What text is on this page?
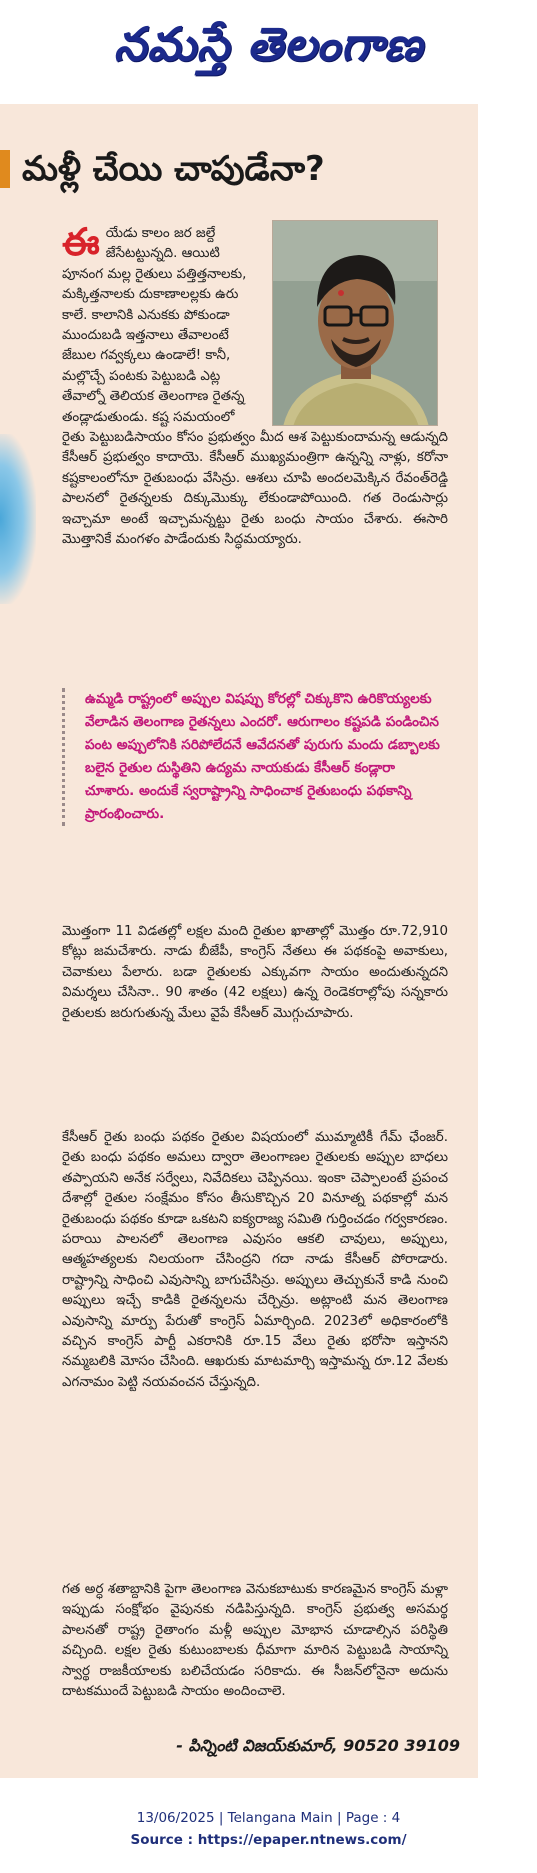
నమస్తే తెలంగాణ
మళ్లీ చేయి చాపుడేనా?
ఈ యేడు కాలం జర జల్దే
జేసేటట్టున్నది. ఆయిటి
పూనంగ మల్ల రైతులు పత్తిత్తనాలకు,
మక్కిత్తనాలకు దుకాణాలల్లకు ఉరు
కాలే. కాలానికి ఎనుకకు పోకుండా
ముందుబడి ఇత్తనాలు తేవాలంటే
జేబుల గవ్వక్కలు ఉండాలే! కానీ,
మల్లొచ్చే పంటకు పెట్టుబడి ఎట్ల
తేవాల్నో తెలియక తెలంగాణ రైతన్న
తండ్లాడుతుండు. కష్ట సమయంలో
రైతు పెట్టుబడిసాయం కోసం ప్రభుత్వం మీద ఆశ పెట్టుకుందామన్న ఆడున్నది కేసీఆర్ ప్రభుత్వం కాదాయె. కేసీఆర్ ముఖ్యమంత్రిగా ఉన్నన్ని నాళ్లు, కరోనా కష్టకాలంలోనూ రైతుబంధు వేసిన్రు. ఆశలు చూపి అందలమెక్కిన రేవంత్‌రెడ్డి పాలనలో రైతన్నలకు దిక్కుమొక్కు లేకుండాపోయింది. గత రెండుసార్లు ఇచ్చామా అంటే ఇచ్చామన్నట్టు రైతు బంధు సాయం చేశారు. ఈసారి మొత్తానికే మంగళం పాడేందుకు సిద్ధమయ్యారు.
ఉమ్మడి రాష్ట్రంలో అప్పుల విషప్పు కోరల్లో చిక్కుకొని ఉరికొయ్యలకు వేలాడిన తెలంగాణ రైతన్నలు ఎందరో. ఆరుగాలం కష్టపడి పండించిన పంట అప్పులోనికి సరిపోలేదనే ఆవేదనతో పురుగు మందు డబ్బాలకు బలైన రైతుల దుస్థితిని ఉద్యమ నాయకుడు కేసీఆర్ కండ్లారా చూశారు. అందుకే స్వరాష్ట్రాన్ని సాధించాక రైతుబంధు పథకాన్ని ప్రారంభించారు.
మొత్తంగా 11 విడతల్లో లక్షల మంది రైతుల ఖాతాల్లో మొత్తం రూ.72,910 కోట్లు జమచేశారు. నాడు బీజేపీ, కాంగ్రెస్ నేతలు ఈ పథకంపై అవాకులు, చెవాకులు పేలారు. బడా రైతులకు ఎక్కువగా సాయం అందుతున్నదని విమర్శలు చేసినా.. 90 శాతం (42 లక్షలు) ఉన్న రెండెకరాల్లోపు సన్నకారు రైతులకు జరుగుతున్న మేలు వైపే కేసీఆర్ మొగ్గుచూపారు.
కేసీఆర్ రైతు బంధు పథకం రైతుల విషయంలో ముమ్మాటికీ గేమ్ ఛేంజర్. రైతు బంధు పథకం అమలు ద్వారా తెలంగాణల రైతులకు అప్పుల బాధలు తప్పాయని అనేక సర్వేలు, నివేదికలు చెప్పినయి. ఇంకా చెప్పాలంటే ప్రపంచ దేశాల్లో రైతుల సంక్షేమం కోసం తీసుకొచ్చిన 20 వినూత్న పథకాల్లో మన రైతుబంధు పథకం కూడా ఒకటని ఐక్యరాజ్య సమితి గుర్తించడం గర్వకారణం. పరాయి పాలనలో తెలంగాణ ఎవుసం ఆకలి చావులు, అప్పులు, ఆత్మహత్యలకు నిలయంగా చేసింద్రని గదా నాడు కేసీఆర్ పోరాడారు. రాష్ట్రాన్ని సాధించి ఎవుసాన్ని బాగుచేసిన్రు. అప్పులు తెచ్చుకునే కాడి నుంచి అప్పులు ఇచ్చే కాడికి రైతన్నలను చేర్చిన్రు. అట్లాంటి మన తెలంగాణ ఎవుసాన్ని మార్పు పేరుతో కాంగ్రెస్ ఏమార్చింది. 2023లో అధికారంలోకి వచ్చిన కాంగ్రెస్ పార్టీ ఎకరానికి రూ.15 వేలు రైతు భరోసా ఇస్తానని నమ్మబలికి మోసం చేసింది. ఆఖరుకు మాటమార్చి ఇస్తామన్న రూ.12 వేలకు ఎగనామం పెట్టి నయవంచన చేస్తున్నది.
గత అర్ధ శతాబ్దానికి పైగా తెలంగాణ వెనుకబాటుకు కారణమైన కాంగ్రెస్ మళ్లా ఇప్పుడు సంక్షోభం వైపునకు నడిపిస్తున్నది. కాంగ్రెస్ ప్రభుత్వ అసమర్థ పాలనతో రాష్ట్ర రైతాంగం మళ్లీ అప్పుల మోభాన చూడాల్సిన పరిస్థితి వచ్చింది. లక్షల రైతు కుటుంబాలకు ధీమాగా మారిన పెట్టుబడి సాయాన్ని స్వార్థ రాజకీయాలకు బలిచేయడం సరికాదు. ఈ సీజన్‌లోనైనా అదును దాటకముందే పెట్టుబడి సాయం అందించాలె.
- పిన్నింటి విజయ్‌కుమార్, 90520 39109
13/06/2025 | Telangana Main | Page : 4
Source : https://epaper.ntnews.com/
